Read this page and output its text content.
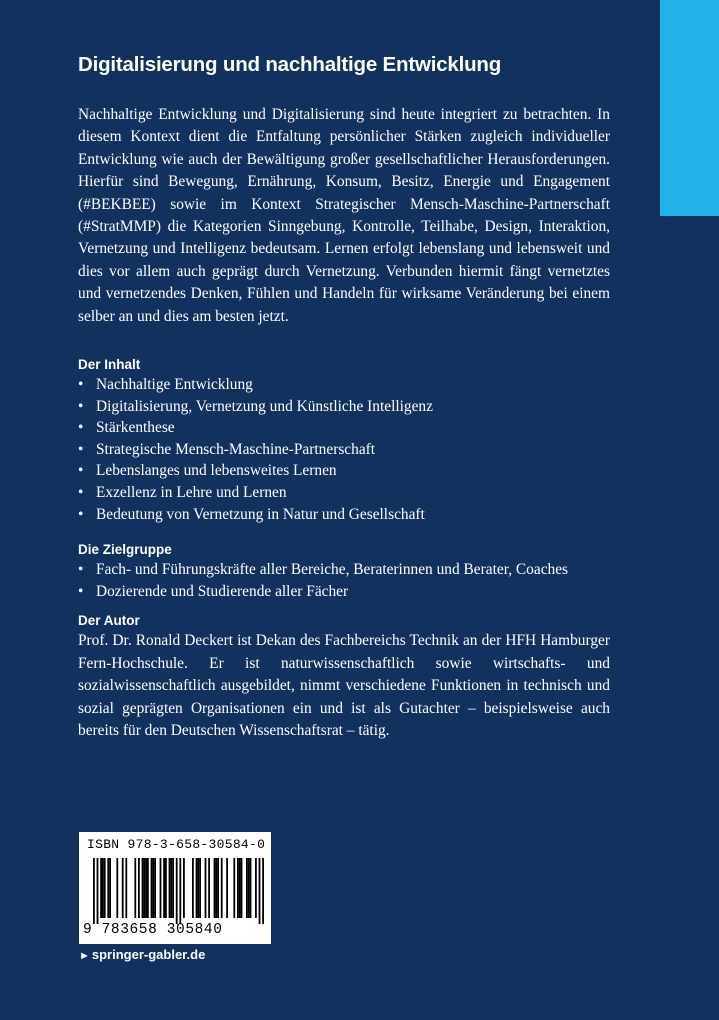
Digitalisierung und nachhaltige Entwicklung

Nachhaltige Entwicklung und Digitalisierung sind heute integriert zu betrachten. In diesem Kontext dient die Entfaltung persönlicher Stärken zugleich individueller Entwicklung wie auch der Bewältigung großer gesellschaftlicher Herausforderungen. Hierfür sind Bewegung, Ernährung, Konsum, Besitz, Energie und Engagement (#BEKBEE) sowie im Kontext Strategischer Mensch-Maschine-Partnerschaft (#StratMMP) die Kategorien Sinngebung, Kontrolle, Teilhabe, Design, Interaktion, Vernetzung und Intelligenz bedeutsam. Lernen erfolgt lebenslang und lebensweit und dies vor allem auch geprägt durch Vernetzung. Verbunden hiermit fängt vernetztes und vernetzendes Denken, Fühlen und Handeln für wirksame Veränderung bei einem selber an und dies am besten jetzt.

Der Inhalt
• Nachhaltige Entwicklung
• Digitalisierung, Vernetzung und Künstliche Intelligenz
• Stärkenthese
• Strategische Mensch-Maschine-Partnerschaft
• Lebenslanges und lebensweites Lernen
• Exzellenz in Lehre und Lernen
• Bedeutung von Vernetzung in Natur und Gesellschaft
Die Zielgruppe
• Fach- und Führungskräfte aller Bereiche, Beraterinnen und Berater, Coaches
• Dozierende und Studierende aller Fächer
Der Autor

Prof. Dr. Ronald Deckert ist Dekan des Fachbereichs Technik an der HFH Hamburger Fern-Hochschule. Er ist naturwissenschaftlich sowie wirtschafts- und sozialwissenschaftlich ausgebildet, nimmt verschiedene Funktionen in technisch und sozial geprägten Organisationen ein und ist als Gutachter – beispielsweise auch bereits für den Deutschen Wissenschaftsrat – tätig.

ISBN 978-3-658-30584-0
9 783658 305840
► springer-gabler.de
